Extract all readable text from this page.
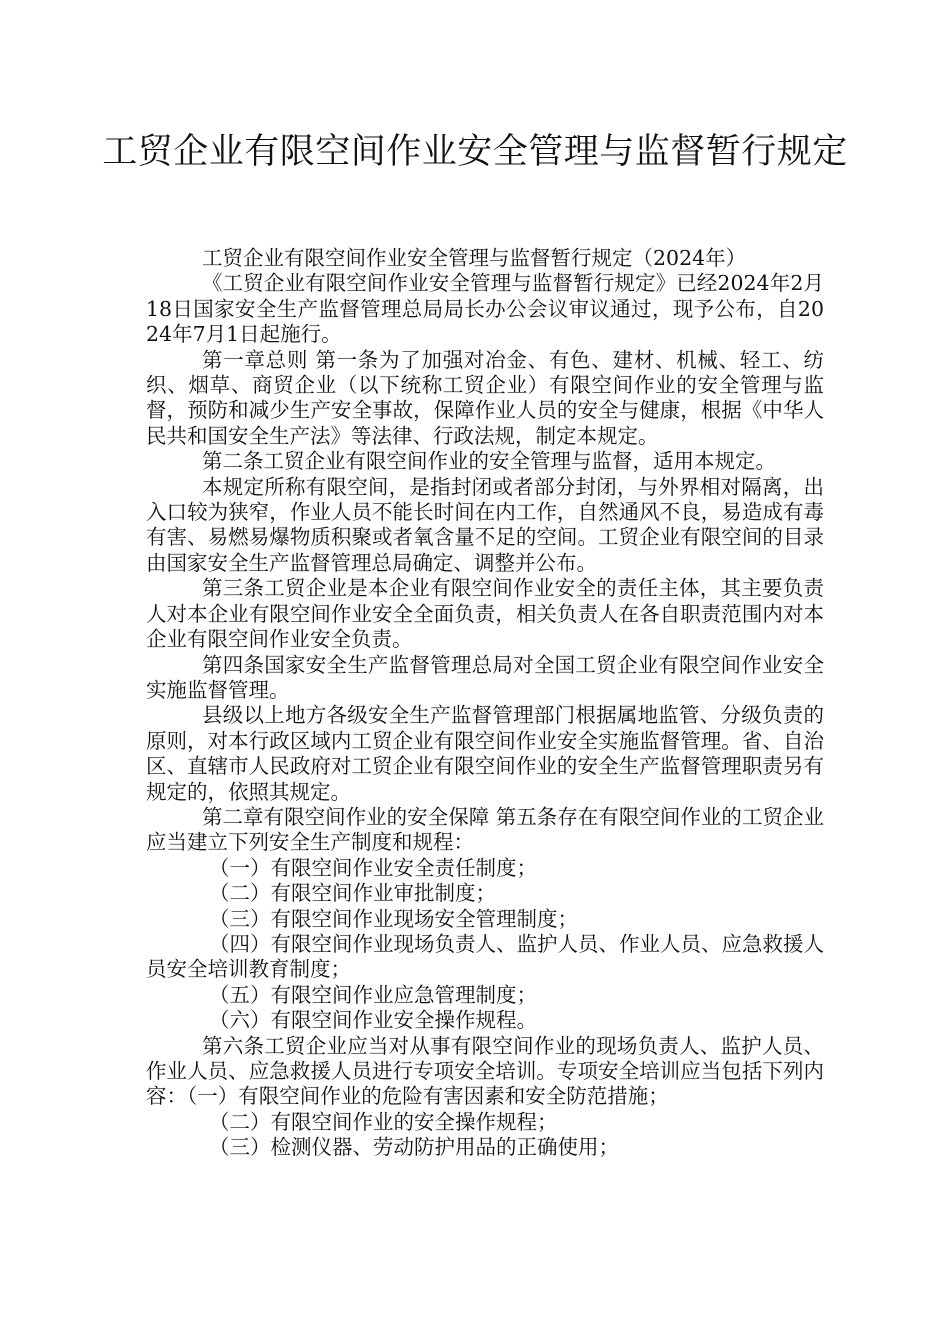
工贸企业有限空间作业安全管理与监督暂行规定

工贸企业有限空间作业安全管理与监督暂行规定（2024年）

《工贸企业有限空间作业安全管理与监督暂行规定》已经2024年2月18日国家安全生产监督管理总局局长办公会议审议通过，现予公布，自2024年7月1日起施行。

第一章总则 第一条为了加强对冶金、有色、建材、机械、轻工、纺织、烟草、商贸企业（以下统称工贸企业）有限空间作业的安全管理与监督，预防和减少生产安全事故，保障作业人员的安全与健康，根据《中华人民共和国安全生产法》等法律、行政法规，制定本规定。

第二条工贸企业有限空间作业的安全管理与监督，适用本规定。

本规定所称有限空间，是指封闭或者部分封闭，与外界相对隔离，出入口较为狭窄，作业人员不能长时间在内工作，自然通风不良，易造成有毒有害、易燃易爆物质积聚或者氧含量不足的空间。工贸企业有限空间的目录由国家安全生产监督管理总局确定、调整并公布。

第三条工贸企业是本企业有限空间作业安全的责任主体，其主要负责人对本企业有限空间作业安全全面负责，相关负责人在各自职责范围内对本企业有限空间作业安全负责。

第四条国家安全生产监督管理总局对全国工贸企业有限空间作业安全实施监督管理。

县级以上地方各级安全生产监督管理部门根据属地监管、分级负责的原则，对本行政区域内工贸企业有限空间作业安全实施监督管理。省、自治区、直辖市人民政府对工贸企业有限空间作业的安全生产监督管理职责另有规定的，依照其规定。

第二章有限空间作业的安全保障 第五条存在有限空间作业的工贸企业应当建立下列安全生产制度和规程：

（一）有限空间作业安全责任制度；

（二）有限空间作业审批制度；

（三）有限空间作业现场安全管理制度；

（四）有限空间作业现场负责人、监护人员、作业人员、应急救援人员安全培训教育制度；

（五）有限空间作业应急管理制度；

（六）有限空间作业安全操作规程。

第六条工贸企业应当对从事有限空间作业的现场负责人、监护人员、作业人员、应急救援人员进行专项安全培训。专项安全培训应当包括下列内容：（一）有限空间作业的危险有害因素和安全防范措施；

（二）有限空间作业的安全操作规程；

（三）检测仪器、劳动防护用品的正确使用；
